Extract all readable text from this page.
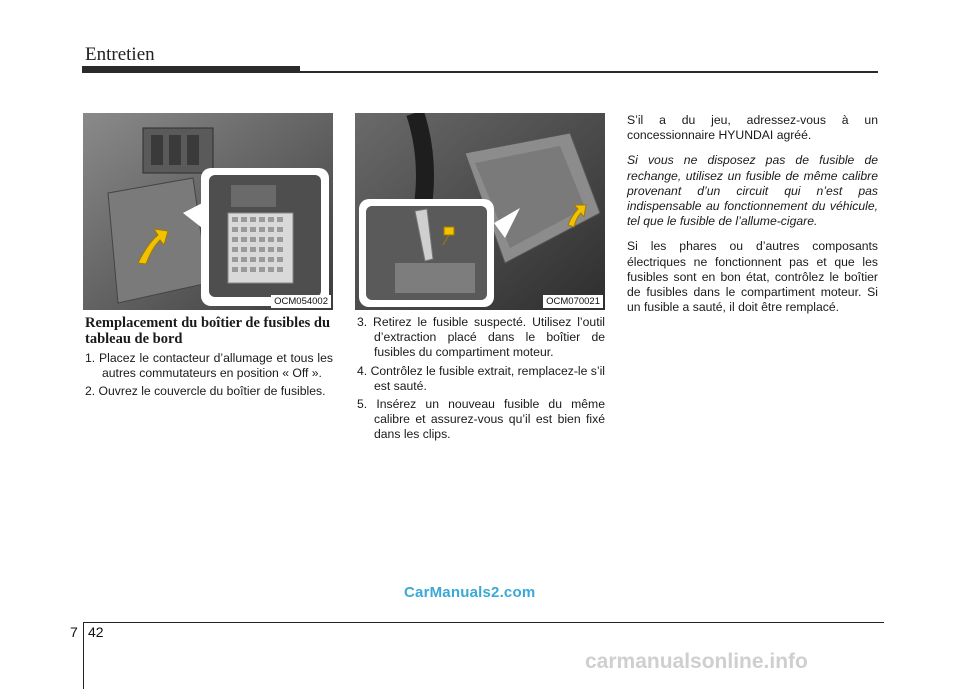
Entretien
OCM054002	OCM070021
Remplacement du boîtier de fusibles du tableau de bord

1. Placez le contacteur d’allumage et tous les autres commutateurs en position « Off ».

2. Ouvrez le couvercle du boîtier de fusibles.

3. Retirez le fusible suspecté. Utilisez l’outil d’extraction placé dans le boîtier de fusibles du compartiment moteur.

4. Contrôlez le fusible extrait, remplacez-le s’il est sauté.

5. Insérez un nouveau fusible du même calibre et assurez-vous qu’il est bien fixé dans les clips.

S’il a du jeu, adressez-vous à un concessionnaire HYUNDAI agréé.

Si vous ne disposez pas de fusible de rechange, utilisez un fusible de même calibre provenant d’un circuit qui n’est pas indispensable au fonctionnement du véhicule, tel que le fusible de l’allume-cigare.

Si les phares ou d’autres composants électriques ne fonctionnent pas et que les fusibles sont en bon état, contrôlez le boîtier de fusibles dans le compartiment moteur. Si un fusible a sauté, il doit être remplacé.

CarManuals2.com
7 42
carmanualsonline.info
